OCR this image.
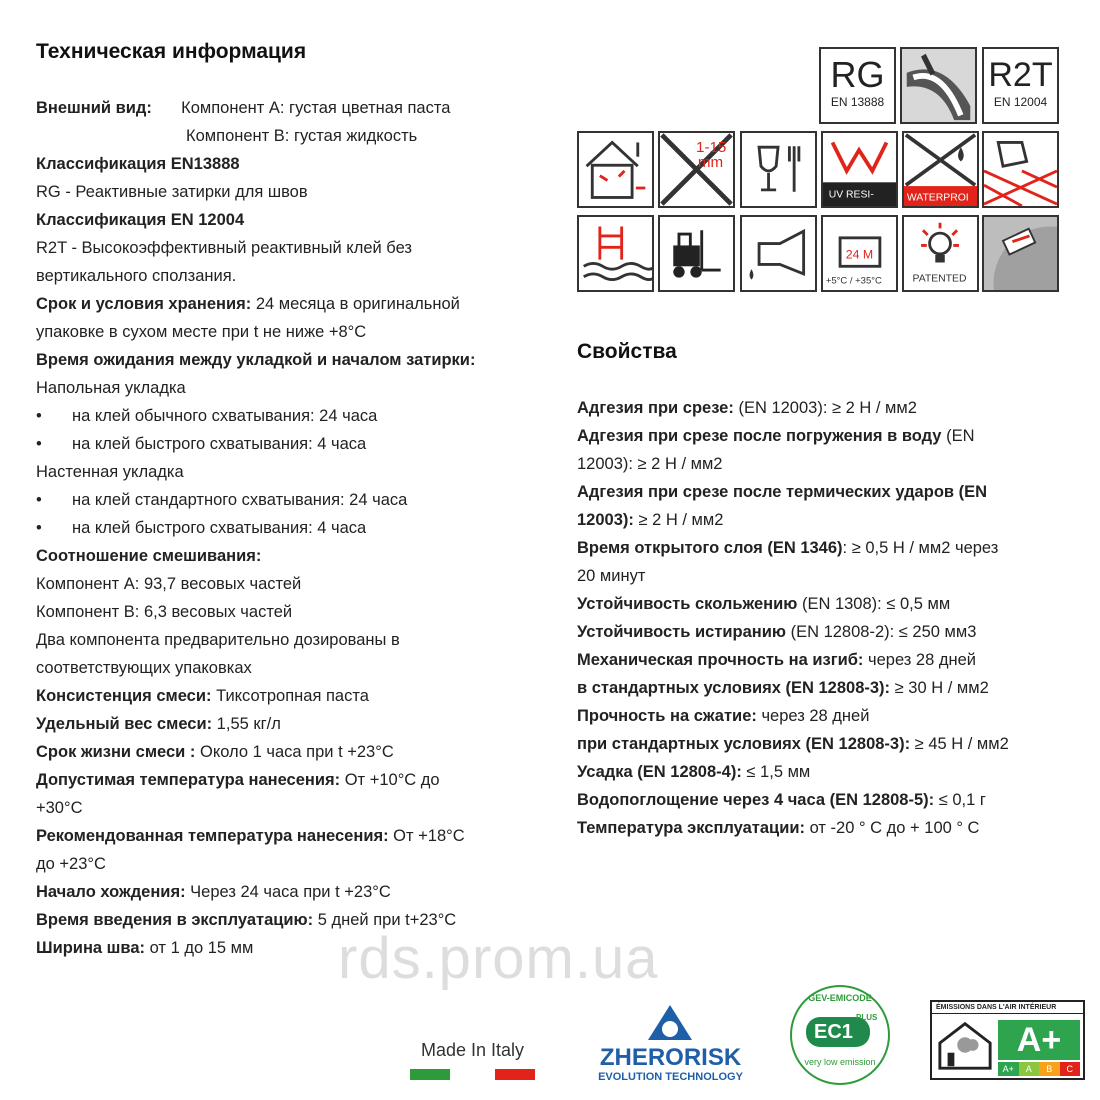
Техническая информация
Внешний вид: Компонент А: густая цветная паста
Компонент В: густая жидкость
Классификация EN13888
RG - Реактивные затирки для швов
Классификация EN 12004
R2T - Высокоэффективный реактивный клей без
вертикального сползания.
Срок и условия хранения: 24 месяца в оригинальной
упаковке в сухом месте при t не ниже +8°С
Время ожидания между укладкой и началом затирки:
Напольная укладка
• на клей обычного схватывания: 24 часа
• на клей быстрого схватывания: 4 часа
Настенная укладка
• на клей стандартного схватывания: 24 часа
• на клей быстрого схватывания: 4 часа
Соотношение смешивания:
Компонент А: 93,7 весовых частей
Компонент В: 6,3 весовых частей
Два компонента предварительно дозированы в
соответствующих упаковках
Консистенция смеси: Тиксотропная паста
Удельный вес смеси: 1,55 кг/л
Срок жизни смеси : Около 1 часа при t +23°С
Допустимая температура нанесения: От +10°С до
+30°С
Рекомендованная температура нанесения: От +18°С
до +23°С
Начало хождения: Через 24 часа при t +23°С
Время введения в эксплуатацию: 5 дней при t+23°С
Ширина шва: от 1 до 15 мм
Свойства
Адгезия при срезе: (EN 12003): ≥ 2 Н / мм2
Адгезия при срезе после погружения в воду (EN
12003): ≥ 2 Н / мм2
Адгезия при срезе после термических ударов (EN
12003): ≥ 2 Н / мм2
Время открытого слоя (EN 1346): ≥ 0,5 Н / мм2 через
20 минут
Устойчивость скольжению (EN 1308): ≤ 0,5 мм
Устойчивость истиранию (EN 12808-2): ≤ 250 мм3
Механическая прочность на изгиб: через 28 дней
в стандартных условиях (EN 12808-3): ≥ 30 Н / мм2
Прочность на сжатие: через 28 дней
при стандартных условиях (EN 12808-3): ≥ 45 Н / мм2
Усадка (EN 12808-4): ≤ 1,5 мм
Водопоглощение через 4 часа (EN 12808-5): ≤ 0,1 г
Температура эксплуатации: от -20 ° С до + 100 ° С
RG
EN 13888
R2T
EN 12004
1-15
mm
UV RESI-	WATERPROI
24 M
+5°C / +35°C	PATENTED
rds.prom.ua
Made In Italy	ZHERORISK
EVOLUTION TECHNOLOGY
GEV-EMICODE
EC1
PLUS
very low emission
ÉMISSIONS DANS L'AIR INTÉRIEUR
A+
A+	A	B	C
